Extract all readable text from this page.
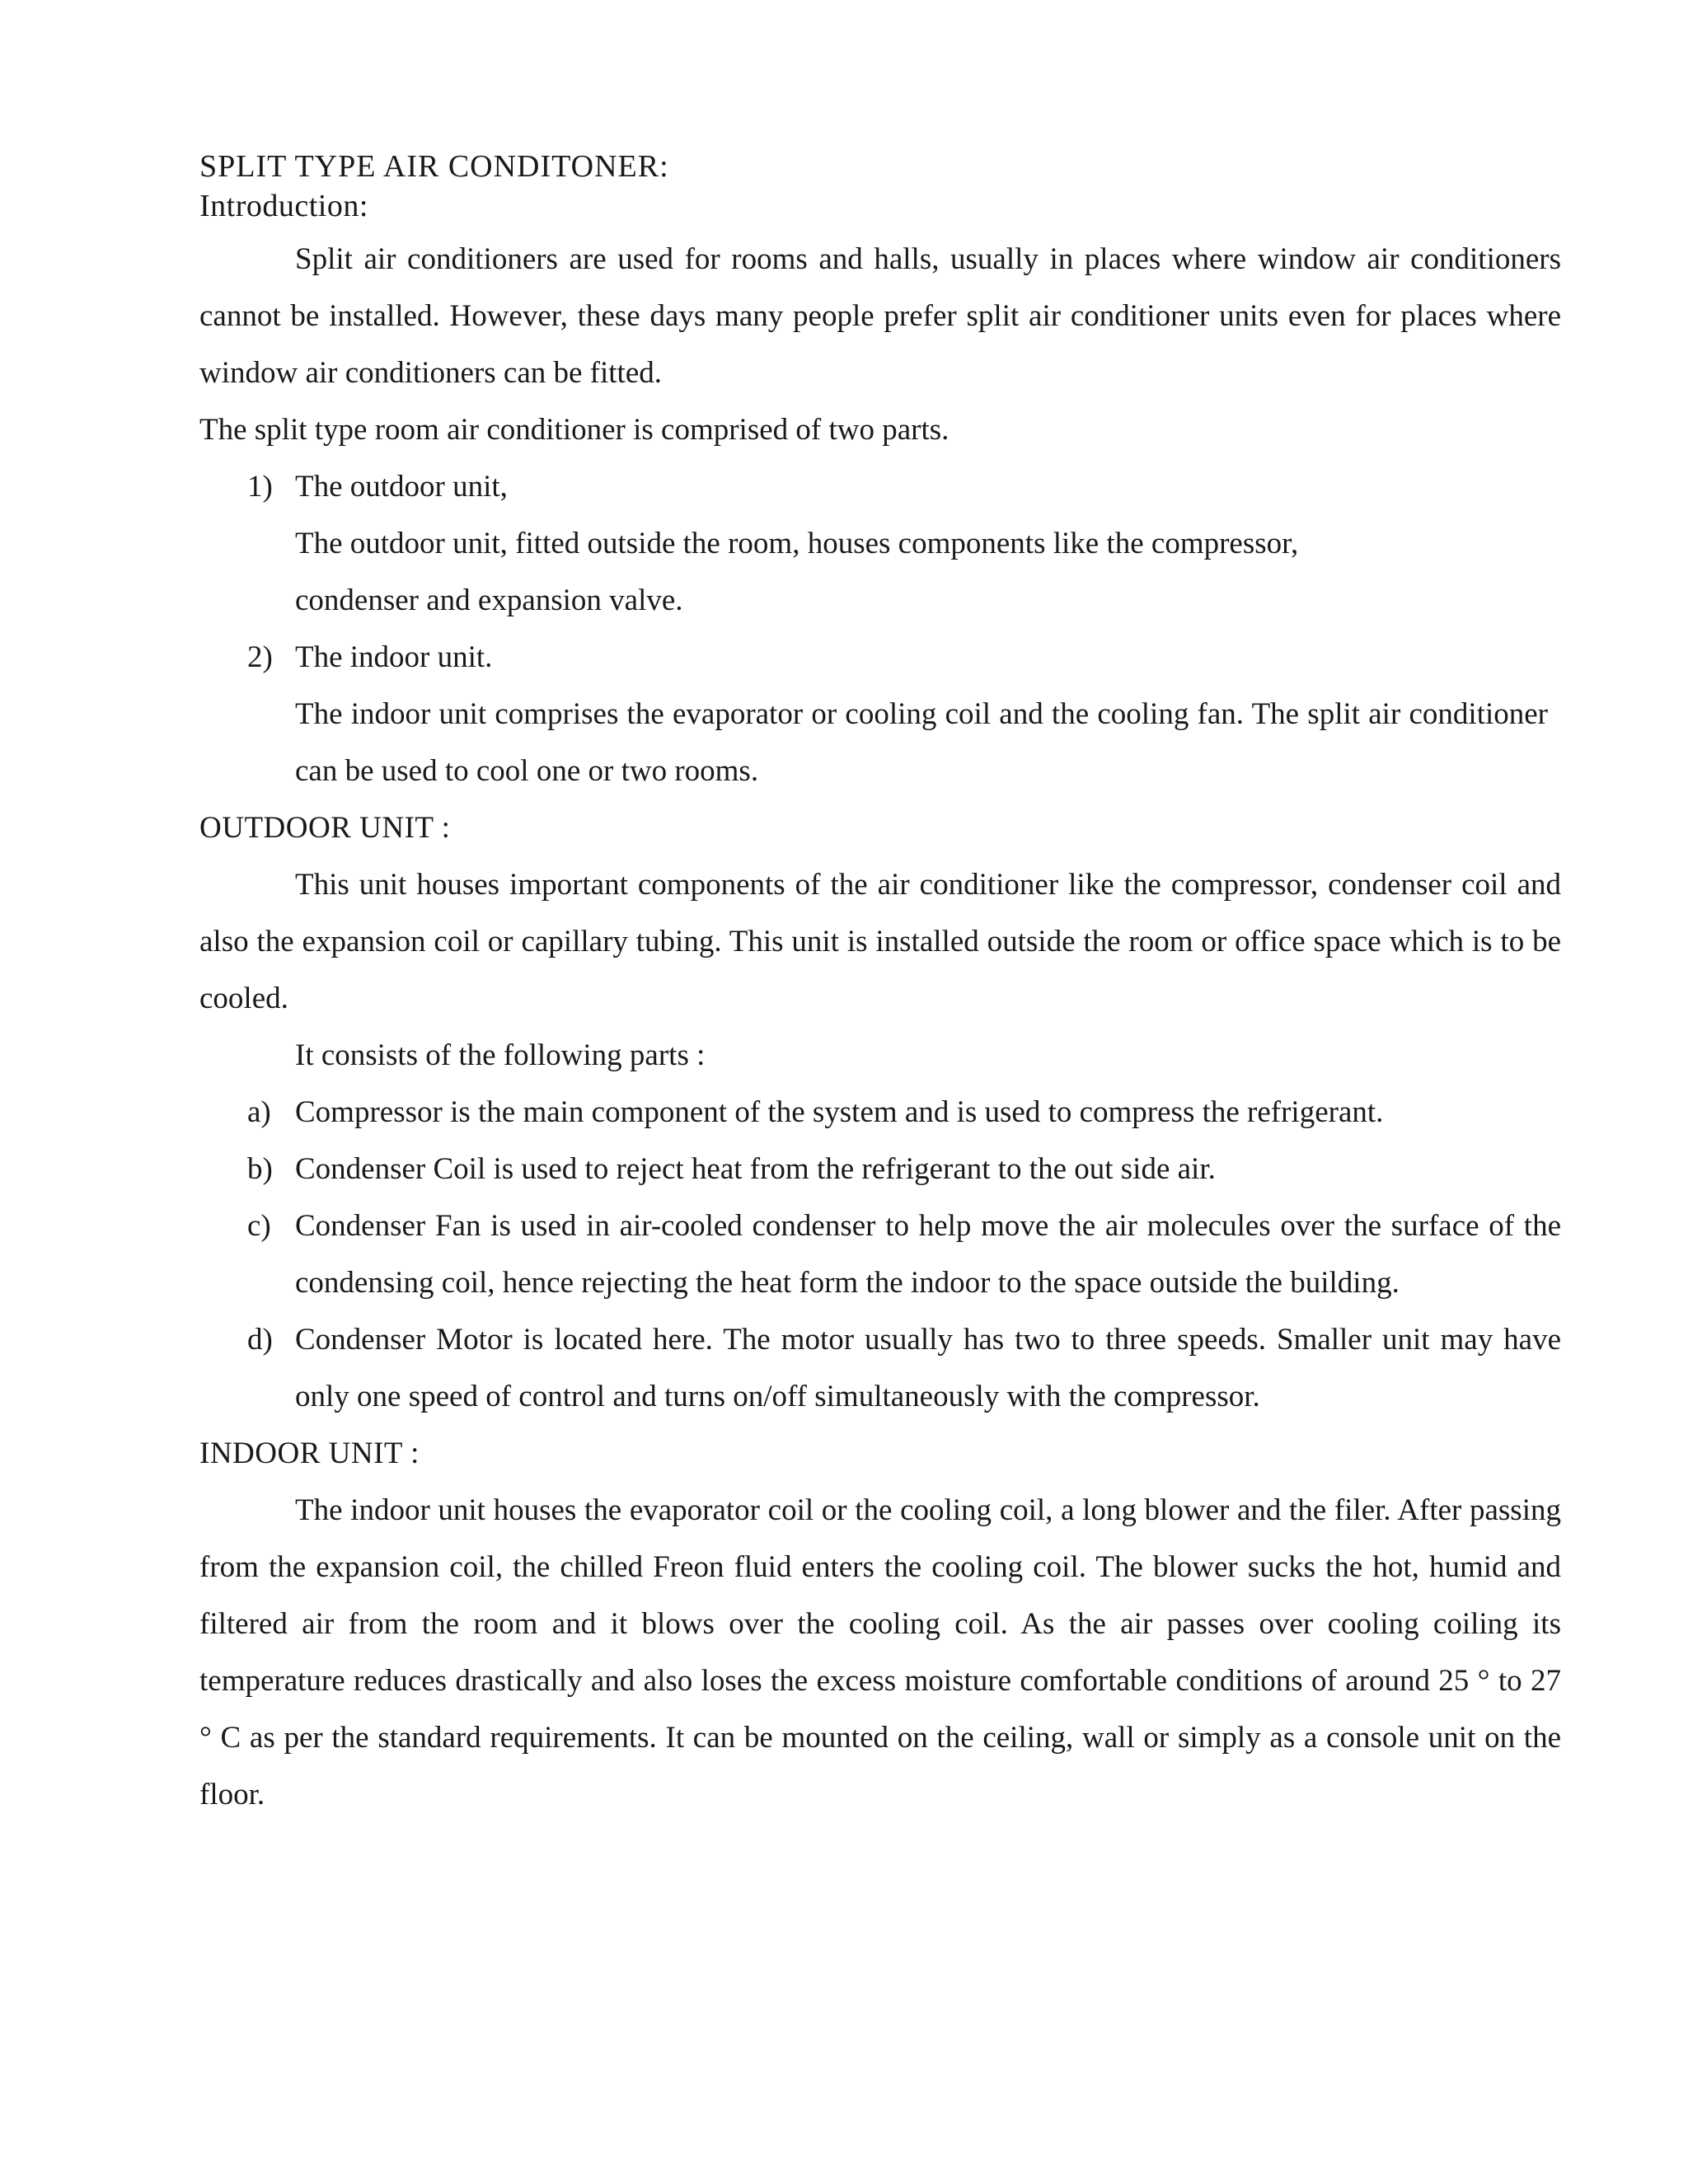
SPLIT TYPE AIR CONDITONER:
Introduction:

Split air conditioners are used for rooms and halls, usually in places where window air conditioners cannot be installed. However, these days many people prefer split air conditioner units even for places where window air conditioners can be fitted.

The split type room air conditioner is comprised of two parts.

1) The outdoor unit,

The outdoor unit, fitted outside the room, houses components like the compressor, condenser and expansion valve.

2) The indoor unit.

The indoor unit comprises the evaporator or cooling coil and the cooling fan. The split air conditioner can be used to cool one or two rooms.

OUTDOOR UNIT :

This unit houses important components of the air conditioner like the compressor, condenser coil and also the expansion coil or capillary tubing. This unit is installed outside the room or office space which is to be cooled.

It consists of the following parts :

a) Compressor is the main component of the system and is used to compress the refrigerant.
b) Condenser Coil is used to reject heat from the refrigerant to the out side air.
c) Condenser Fan is used in air-cooled condenser to help move the air molecules over the surface of the condensing coil, hence rejecting the heat form the indoor to the space outside the building.
d) Condenser Motor is located here. The motor usually has two to three speeds. Smaller unit may have only one speed of control and turns on/off simultaneously with the compressor.
INDOOR UNIT :

The indoor unit houses the evaporator coil or the cooling coil, a long blower and the filer. After passing from the expansion coil, the chilled Freon fluid enters the cooling coil. The blower sucks the hot, humid and filtered air from the room and it blows over the cooling coil. As the air passes over cooling coiling its temperature reduces drastically and also loses the excess moisture comfortable conditions of around 25 ° to 27 ° C as per the standard requirements. It can be mounted on the ceiling, wall or simply as a console unit on the floor.
